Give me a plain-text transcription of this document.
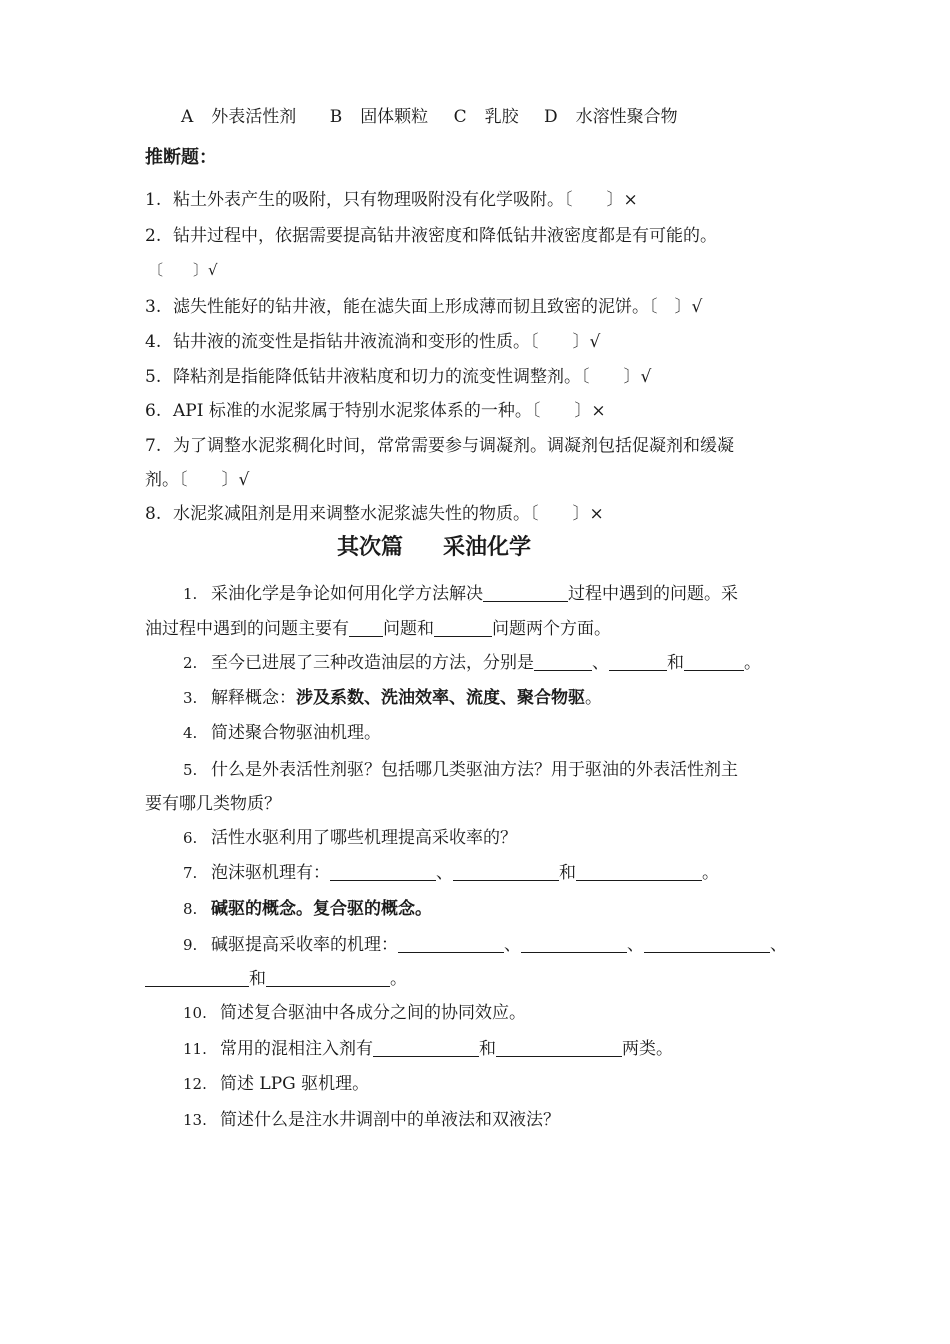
A 外表活性剂 B 固体颗粒 C 乳胶 D 水溶性聚合物
推断题：
1. 粘土外表产生的吸附，只有物理吸附没有化学吸附。〔　　〕×
2. 钻井过程中，依据需要提高钻井液密度和降低钻井液密度都是有可能的。
〔　　〕√
3. 滤失性能好的钻井液，能在滤失面上形成薄而韧且致密的泥饼。〔　〕√
4. 钻井液的流变性是指钻井液流淌和变形的性质。〔　　〕√
5. 降粘剂是指能降低钻井液粘度和切力的流变性调整剂。〔　　〕√
6. API 标准的水泥浆属于特别水泥浆体系的一种。〔　　〕×
7. 为了调整水泥浆稠化时间，常常需要参与调凝剂。调凝剂包括促凝剂和缓凝
剂。〔　　〕√
8. 水泥浆减阻剂是用来调整水泥浆滤失性的物质。〔　　〕×
其次篇 采油化学
1. 采油化学是争论如何用化学方法解决	过程中遇到的问题。采
油过程中遇到的问题主要有 问题和	问题两个方面。
2. 至今已进展了三种改造油层的方法，分别是	、	和	。
3. 解释概念：涉及系数、洗油效率、流度、聚合物驱。
4. 简述聚合物驱油机理。
5. 什么是外表活性剂驱？包括哪几类驱油方法？用于驱油的外表活性剂主
要有哪几类物质？
6. 活性水驱利用了哪些机理提高采收率的？
7. 泡沫驱机理有：	、	和	。
8. 碱驱的概念。复合驱的概念。
9. 碱驱提高采收率的机理：	、	、	、
和	。
10. 简述复合驱油中各成分之间的协同效应。
11. 常用的混相注入剂有	和	两类。
12. 简述 LPG 驱机理。
13. 简述什么是注水井调剖中的单液法和双液法？
